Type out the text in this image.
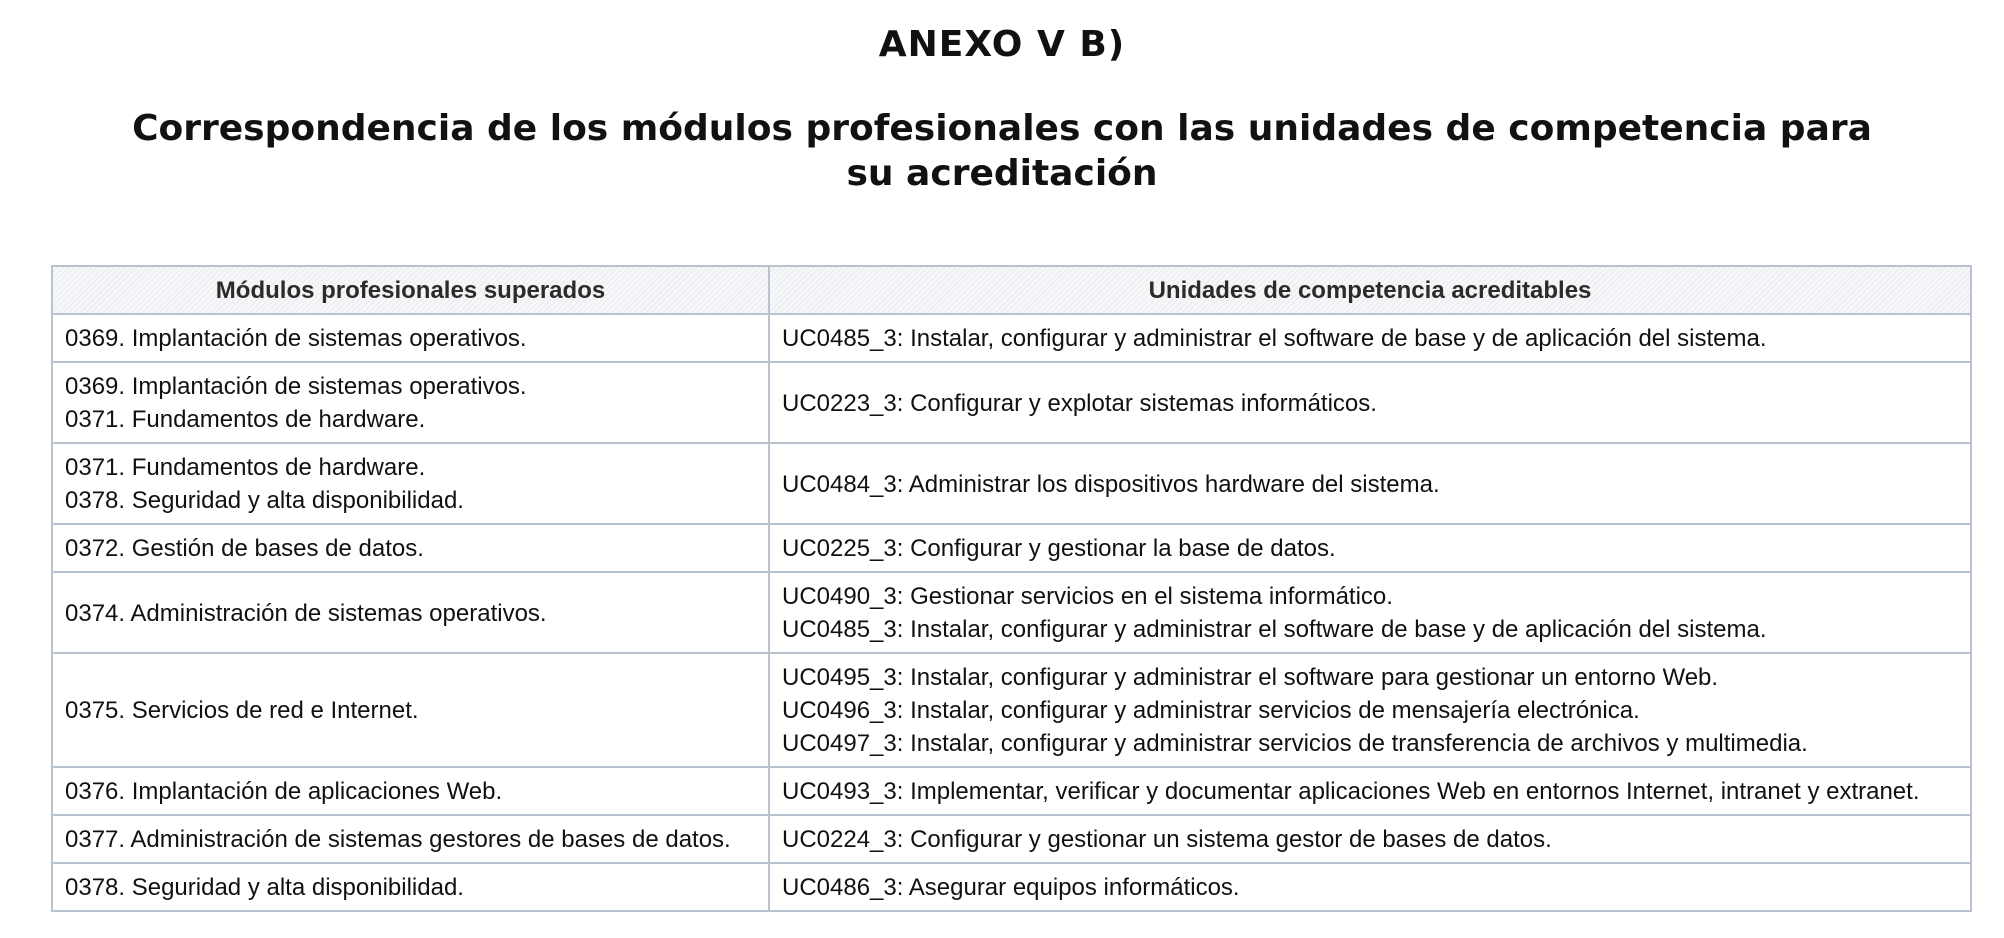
ANEXO V B)
Correspondencia de los módulos profesionales con las unidades de competencia para su acreditación
Módulos profesionales superados	Unidades de competencia acreditables

0369. Implantación de sistemas operativos.	UC0485_3: Instalar, configurar y administrar el software de base y de aplicación del sistema.

0369. Implantación de sistemas operativos.
0371. Fundamentos de hardware.	UC0223_3: Configurar y explotar sistemas informáticos.

0371. Fundamentos de hardware.
0378. Seguridad y alta disponibilidad.	UC0484_3: Administrar los dispositivos hardware del sistema.

0372. Gestión de bases de datos.	UC0225_3: Configurar y gestionar la base de datos.

0374. Administración de sistemas operativos.	UC0490_3: Gestionar servicios en el sistema informático.
UC0485_3: Instalar, configurar y administrar el software de base y de aplicación del sistema.

0375. Servicios de red e Internet.	UC0495_3: Instalar, configurar y administrar el software para gestionar un entorno Web.
UC0496_3: Instalar, configurar y administrar servicios de mensajería electrónica.
UC0497_3: Instalar, configurar y administrar servicios de transferencia de archivos y multimedia.

0376. Implantación de aplicaciones Web.	UC0493_3: Implementar, verificar y documentar aplicaciones Web en entornos Internet, intranet y extranet.

0377. Administración de sistemas gestores de bases de datos.	UC0224_3: Configurar y gestionar un sistema gestor de bases de datos.

0378. Seguridad y alta disponibilidad.	UC0486_3: Asegurar equipos informáticos.
